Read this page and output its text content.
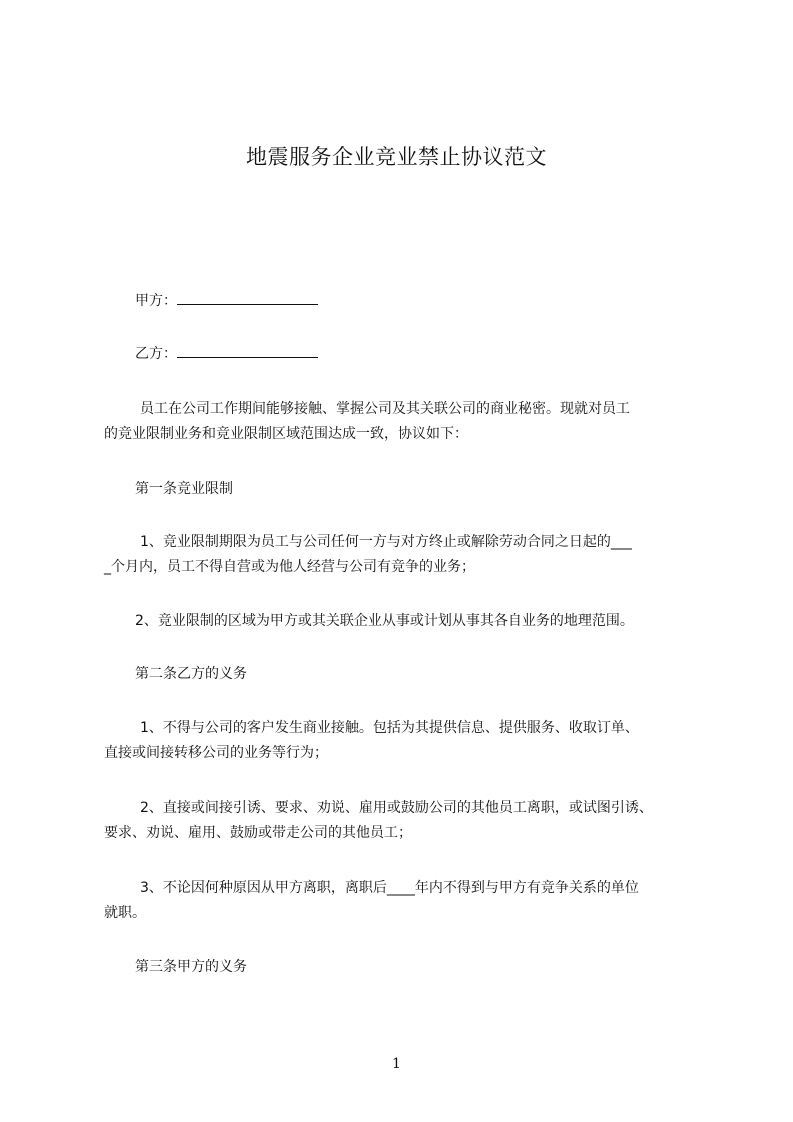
地震服务企业竞业禁止协议范文
甲方：
乙方：
员工在公司工作期间能够接触、掌握公司及其关联公司的商业秘密。现就对员工
的竞业限制业务和竞业限制区域范围达成一致，协议如下：
第一条竞业限制
1、竞业限制期限为员工与公司任何一方与对方终止或解除劳动合同之日起的___
_个月内，员工不得自营或为他人经营与公司有竞争的业务；
2、竞业限制的区域为甲方或其关联企业从事或计划从事其各自业务的地理范围。
第二条乙方的义务
1、不得与公司的客户发生商业接触。包括为其提供信息、提供服务、收取订单、
直接或间接转移公司的业务等行为；
2、直接或间接引诱、要求、劝说、雇用或鼓励公司的其他员工离职，或试图引诱、
要求、劝说、雇用、鼓励或带走公司的其他员工；
3、不论因何种原因从甲方离职，离职后____年内不得到与甲方有竞争关系的单位
就职。
第三条甲方的义务
1
